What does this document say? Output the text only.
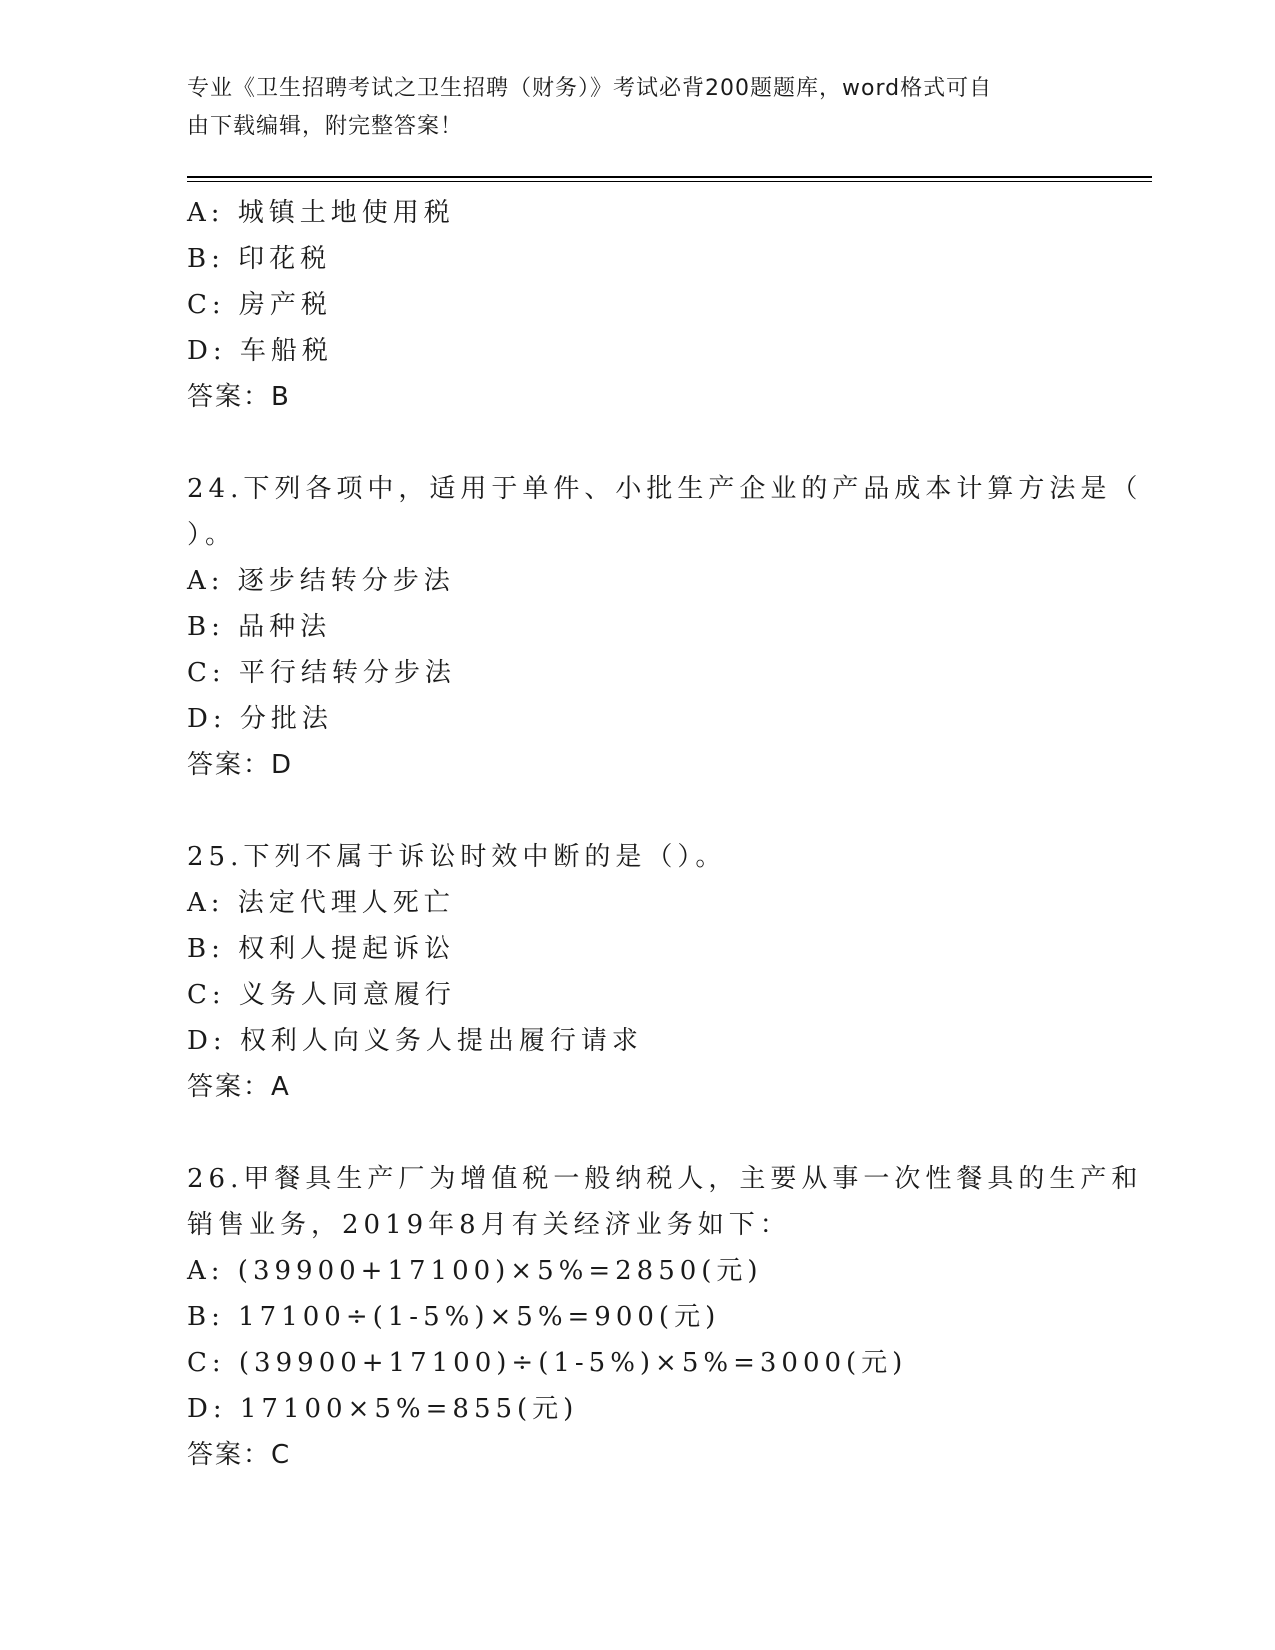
专业《卫生招聘考试之卫生招聘（财务）》考试必背200题题库，word格式可自
由下载编辑，附完整答案！
A: 城镇土地使用税
B: 印花税
C: 房产税
D: 车船税
答案：B
24.下列各项中，适用于单件、小批生产企业的产品成本计算方法是（
）。
A: 逐步结转分步法
B: 品种法
C: 平行结转分步法
D: 分批法
答案：D
25.下列不属于诉讼时效中断的是（）。
A: 法定代理人死亡
B: 权利人提起诉讼
C: 义务人同意履行
D: 权利人向义务人提出履行请求
答案：A
26.甲餐具生产厂为增值税一般纳税人，主要从事一次性餐具的生产和
销售业务，2019年8月有关经济业务如下：
A: (39900+17100)×5%=2850(元)
B: 17100÷(1-5%)×5%=900(元)
C: (39900+17100)÷(1-5%)×5%=3000(元)
D: 17100×5%=855(元)
答案：C
